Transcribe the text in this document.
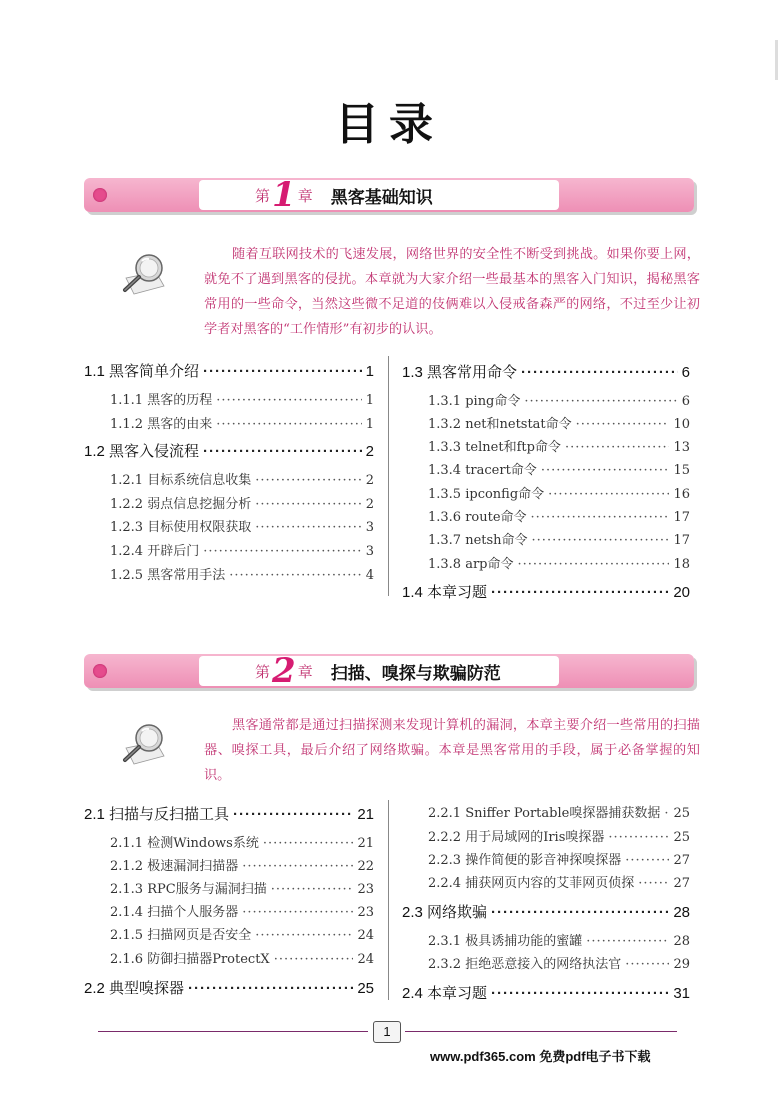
目录
第 1 章 黑客基础知识
随着互联网技术的飞速发展，网络世界的安全性不断受到挑战。如果你要上网，就免不了遇到黑客的侵扰。本章就为大家介绍一些最基本的黑客入门知识，揭秘黑客常用的一些命令，当然这些微不足道的伎俩难以入侵戒备森严的网络，不过至少让初学者对黑客的“工作情形”有初步的认识。
1.1 黑客简单介绍 ·····	1
1.1.1 黑客的历程 ·····	1
1.1.2 黑客的由来 ·····	1
1.2 黑客入侵流程 ·····	2
1.2.1 目标系统信息收集 ·····	2
1.2.2 弱点信息挖掘分析 ·····	2
1.2.3 目标使用权限获取 ·····	3
1.2.4 开辟后门 ·····	3
1.2.5 黑客常用手法 ·····	4
1.3 黑客常用命令 ·····	6
1.3.1 ping命令 ·····	6
1.3.2 net和netstat命令 ·····	10
1.3.3 telnet和ftp命令 ·····	13
1.3.4 tracert命令 ·····	15
1.3.5 ipconfig命令 ·····	16
1.3.6 route命令 ·····	17
1.3.7 netsh命令 ·····	17
1.3.8 arp命令 ·····	18
1.4 本章习题 ·····	20
第 2 章 扫描、嗅探与欺骗防范
黑客通常都是通过扫描探测来发现计算机的漏洞，本章主要介绍一些常用的扫描器、嗅探工具，最后介绍了网络欺骗。本章是黑客常用的手段，属于必备掌握的知识。
2.1 扫描与反扫描工具 ·····	21
2.1.1 检测Windows系统 ·····	21
2.1.2 极速漏洞扫描器 ·····	22
2.1.3 RPC服务与漏洞扫描 ·····	23
2.1.4 扫描个人服务器 ·····	23
2.1.5 扫描网页是否安全 ·····	24
2.1.6 防御扫描器ProtectX ·····	24
2.2 典型嗅探器 ·····	25
2.2.1 Sniffer Portable嗅探器捕获数据 ····· 25
2.2.2 用于局域网的Iris嗅探器 ·····	25
2.2.3 操作简便的影音神探嗅探器 ·····	27
2.2.4 捕获网页内容的艾菲网页侦探 ·····	27
2.3 网络欺骗 ·····	28
2.3.1 极具诱捕功能的蜜罐 ·····	28
2.3.2 拒绝恶意接入的网络执法官 ·····	29
2.4 本章习题 ·····	31
1
www.pdf365.com 免费pdf电子书下载
